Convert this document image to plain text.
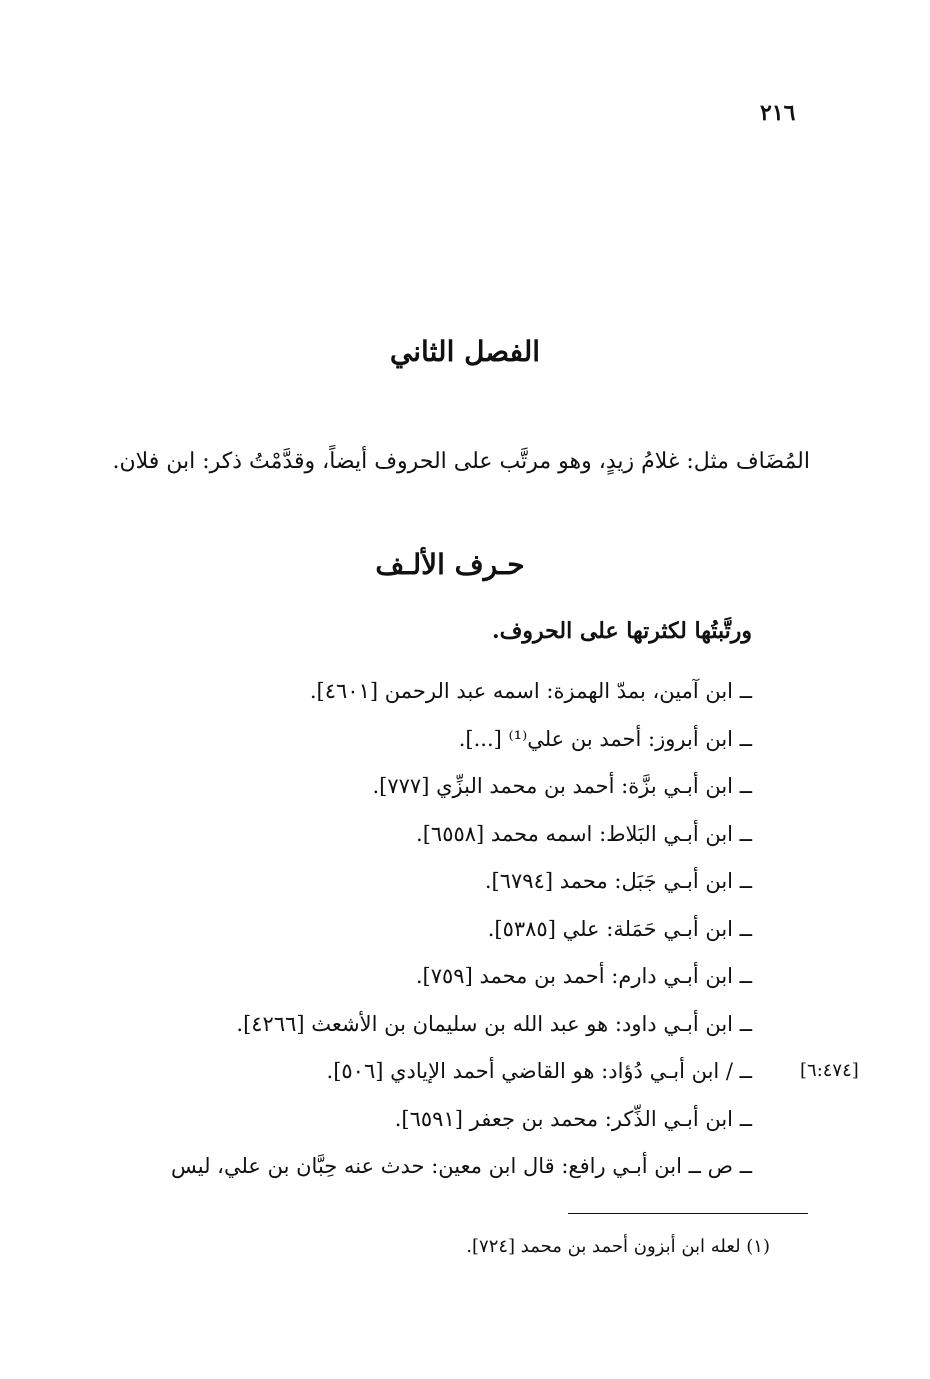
٢١٦
الفصل الثاني

المُضَاف مثل: غلامُ زيدٍ، وهو مرتَّب على الحروف أيضاً، وقدَّمْتُ ذكر: ابن فلان.

حـرف الألـف

ورتَّبتُها لكثرتها على الحروف.

ــ ابن آمين، بمدّ الهمزة: اسمه عبد الرحمن [٤٦٠١].
ــ ابن أبروز: أحمد بن علي⁽¹⁾ [...].
ــ ابن أبـي بزَّة: أحمد بن محمد البزِّي [٧٧٧].
ــ ابن أبـي البَلاط: اسمه محمد [٦٥٥٨].
ــ ابن أبـي جَبَل: محمد [٦٧٩٤].
ــ ابن أبـي حَمَلة: علي [٥٣٨٥].
ــ ابن أبـي دارم: أحمد بن محمد [٧٥٩].
ــ ابن أبـي داود: هو عبد الله بن سليمان بن الأشعث [٤٢٦٦].
ــ / ابن أبـي دُؤاد: هو القاضي أحمد الإيادي [٥٠٦].
ــ ابن أبـي الذِّكر: محمد بن جعفر [٦٥٩١].
ــ ص ــ ابن أبـي رافع: قال ابن معين: حدث عنه حِبَّان بن علي، ليس
[٦:٤٧٤]

(١) لعله ابن أبزون أحمد بن محمد [٧٢٤].
